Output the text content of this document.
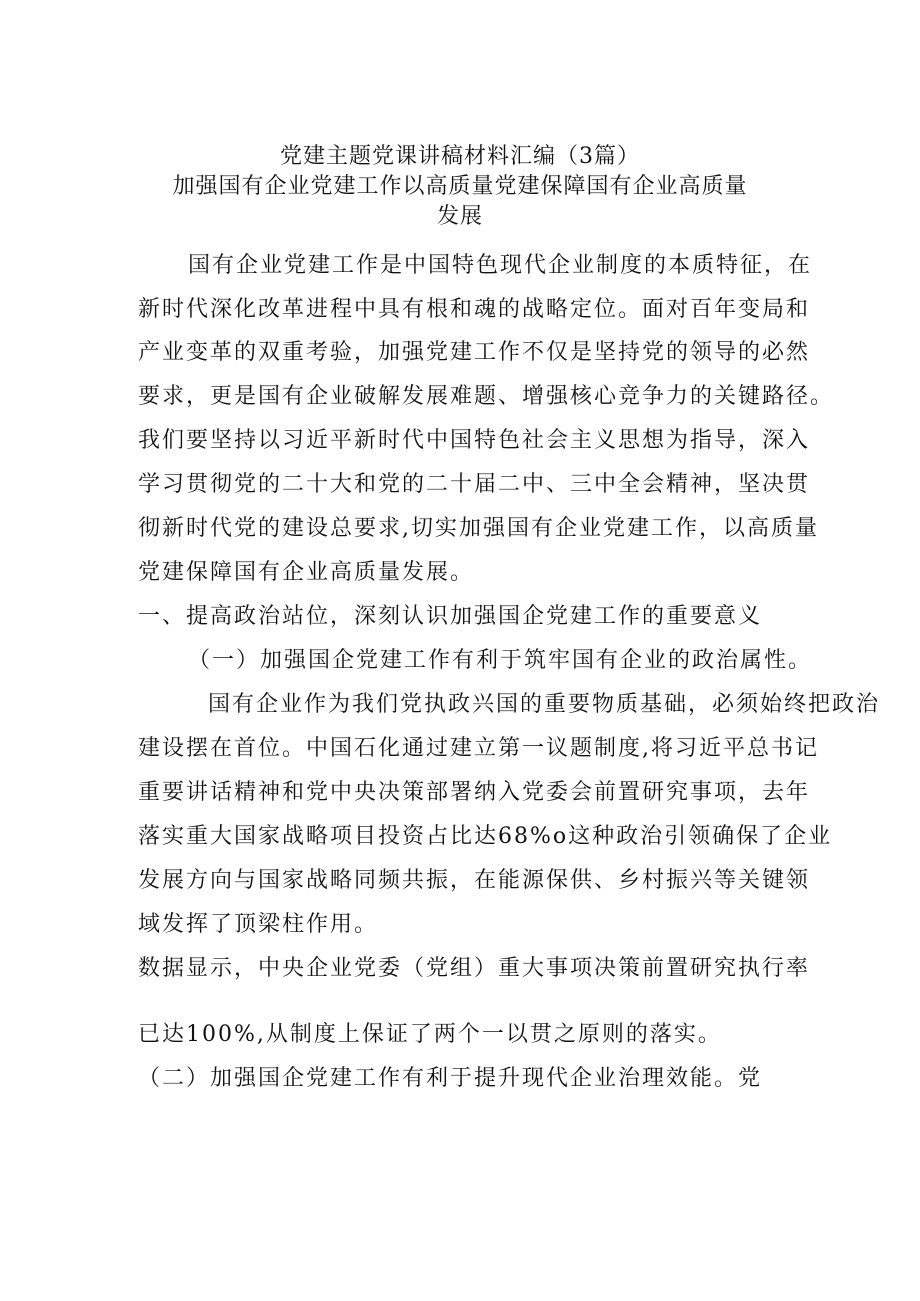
党建主题党课讲稿材料汇编（3篇）
加强国有企业党建工作以高质量党建保障国有企业高质量
发展
国有企业党建工作是中国特色现代企业制度的本质特征，在
新时代深化改革进程中具有根和魂的战略定位。面对百年变局和
产业变革的双重考验，加强党建工作不仅是坚持党的领导的必然
要求，更是国有企业破解发展难题、增强核心竞争力的关键路径。
我们要坚持以习近平新时代中国特色社会主义思想为指导，深入
学习贯彻党的二十大和党的二十届二中、三中全会精神，坚决贯
彻新时代党的建设总要求,切实加强国有企业党建工作，以高质量
党建保障国有企业高质量发展。
一、提高政治站位，深刻认识加强国企党建工作的重要意义
（一）加强国企党建工作有利于筑牢国有企业的政治属性。
国有企业作为我们党执政兴国的重要物质基础，必须始终把政治
建设摆在首位。中国石化通过建立第一议题制度,将习近平总书记
重要讲话精神和党中央决策部署纳入党委会前置研究事项，去年
落实重大国家战略项目投资占比达68%o这种政治引领确保了企业
发展方向与国家战略同频共振，在能源保供、乡村振兴等关键领
域发挥了顶梁柱作用。
数据显示，中央企业党委（党组）重大事项决策前置研究执行率
已达100%,从制度上保证了两个一以贯之原则的落实。
（二）加强国企党建工作有利于提升现代企业治理效能。党
